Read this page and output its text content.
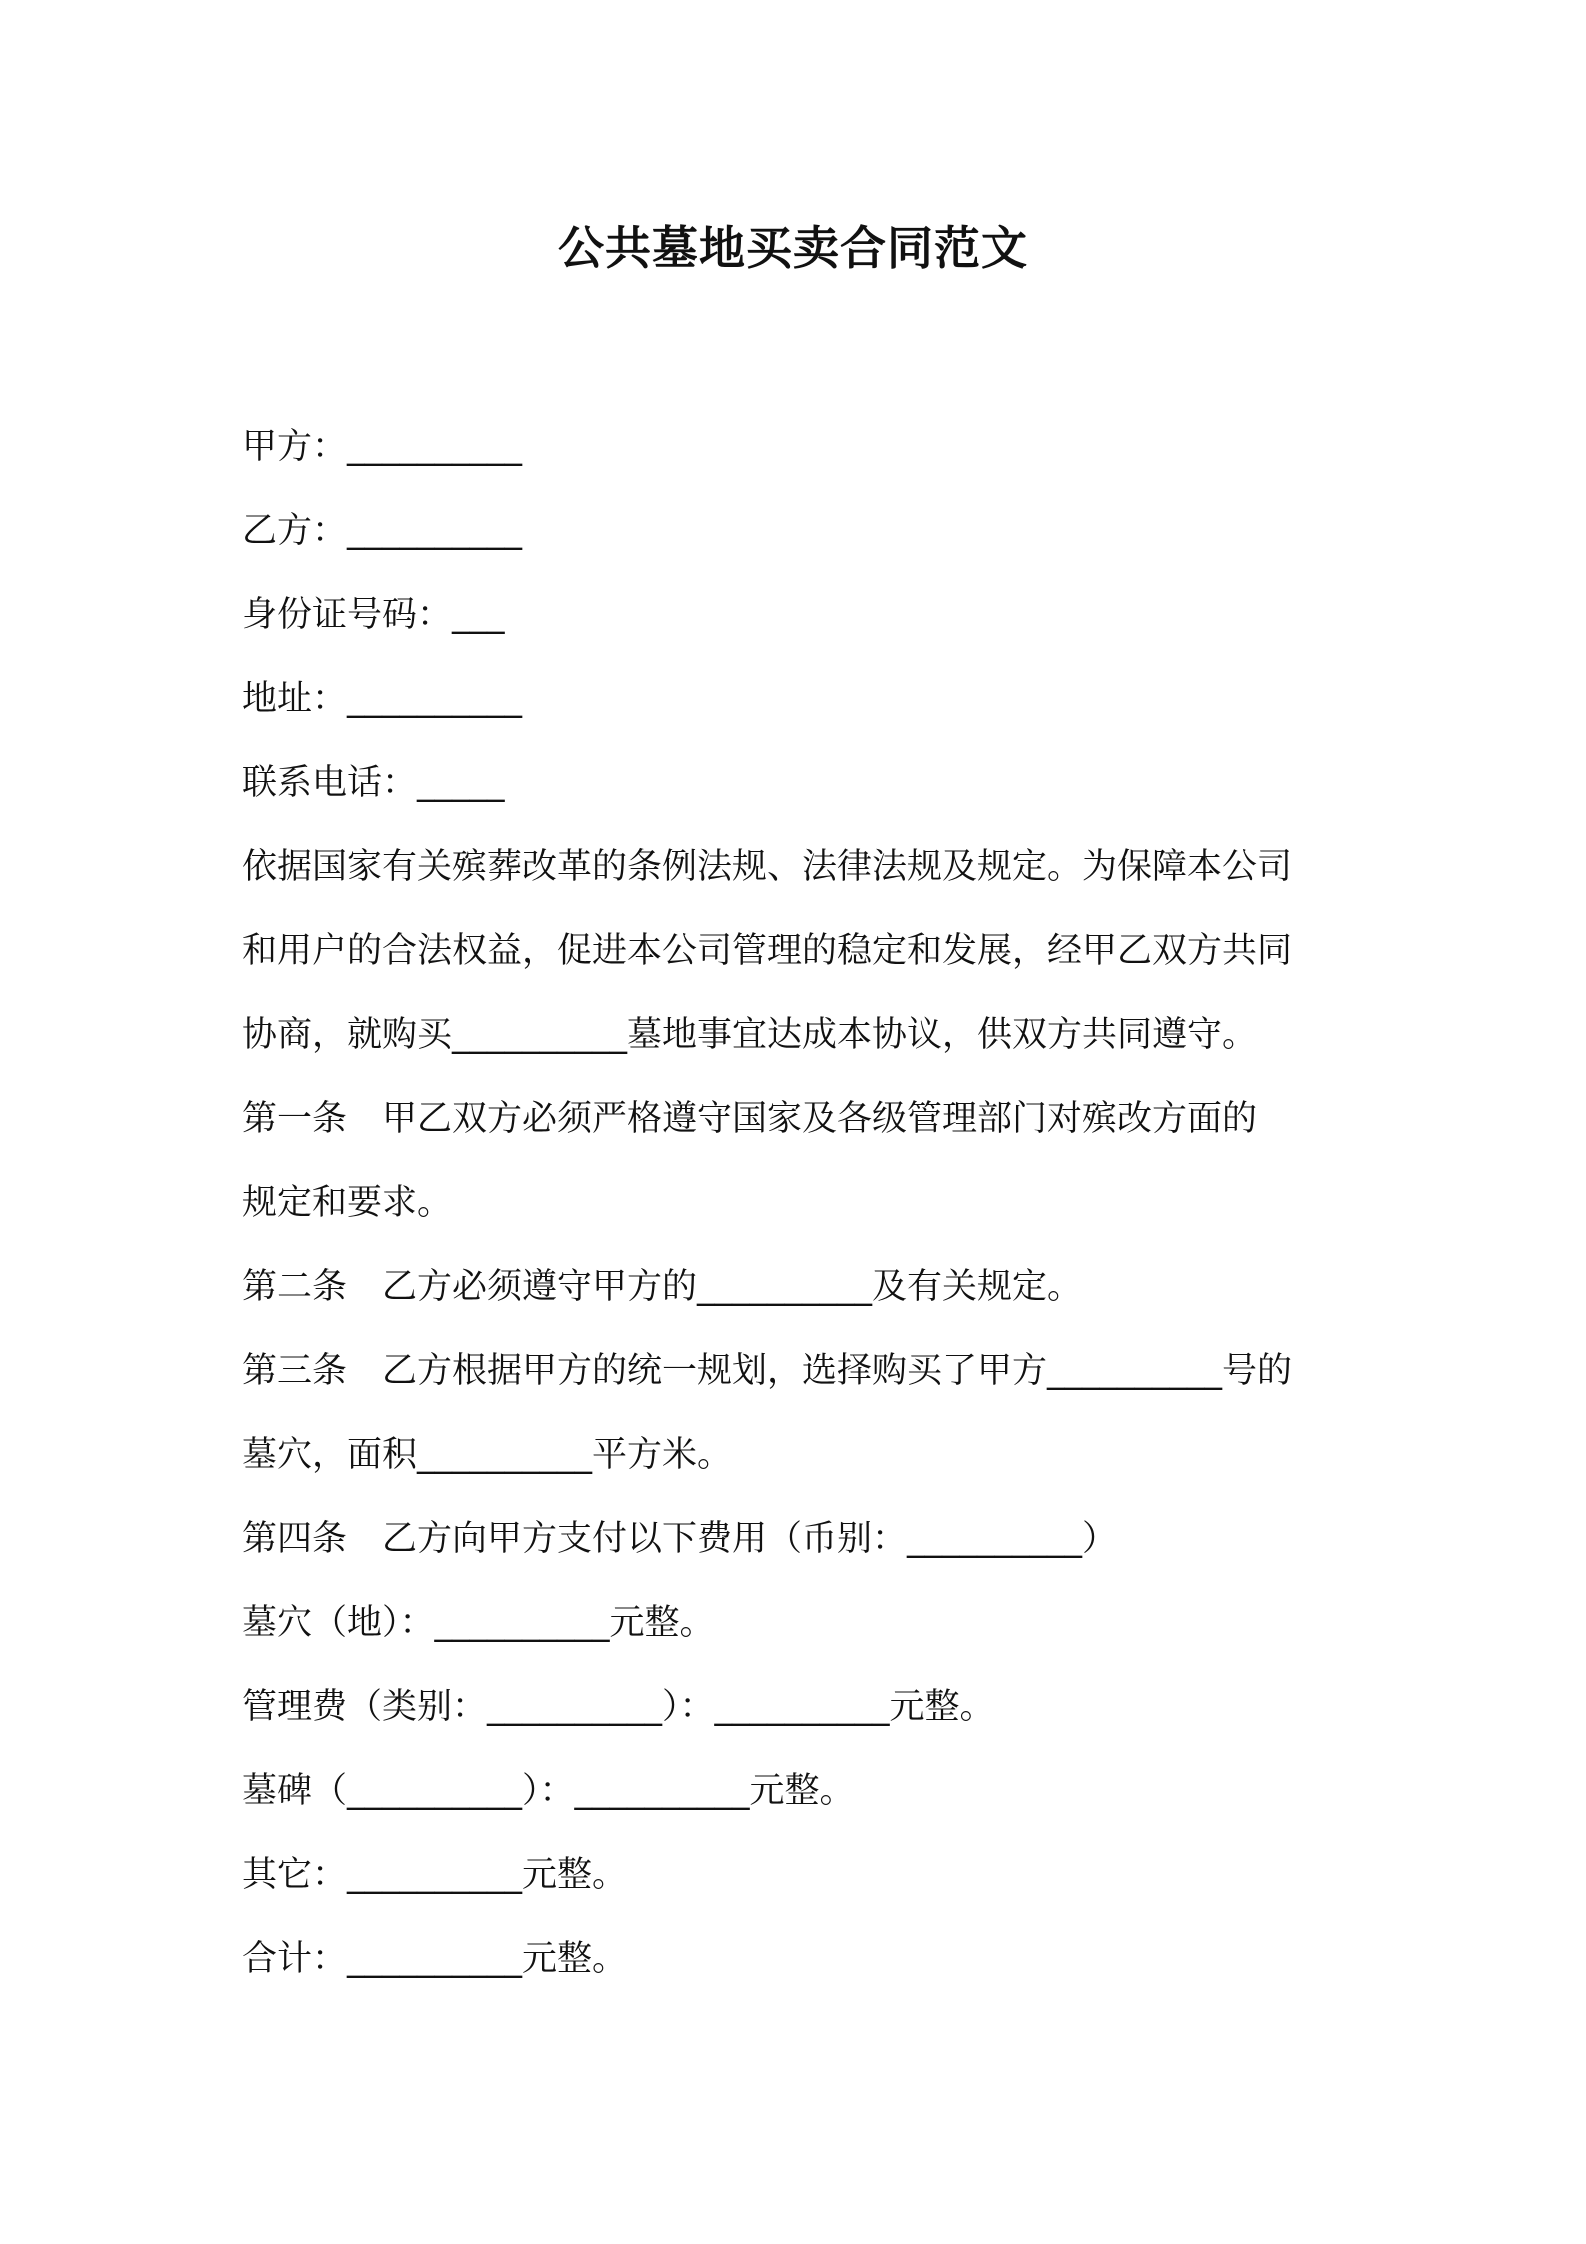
公共墓地买卖合同范文
甲方：__________
乙方：__________
身份证号码：___
地址：__________
联系电话：_____
依据国家有关殡葬改革的条例法规、法律法规及规定。为保障本公司
和用户的合法权益，促进本公司管理的稳定和发展，经甲乙双方共同
协商，就购买__________墓地事宜达成本协议，供双方共同遵守。
第一条　甲乙双方必须严格遵守国家及各级管理部门对殡改方面的
规定和要求。
第二条　乙方必须遵守甲方的__________及有关规定。
第三条　乙方根据甲方的统一规划，选择购买了甲方__________号的
墓穴，面积__________平方米。
第四条　乙方向甲方支付以下费用（币别：__________）
墓穴（地）：__________元整。
管理费（类别：__________）：__________元整。
墓碑（__________）：__________元整。
其它：__________元整。
合计：__________元整。
